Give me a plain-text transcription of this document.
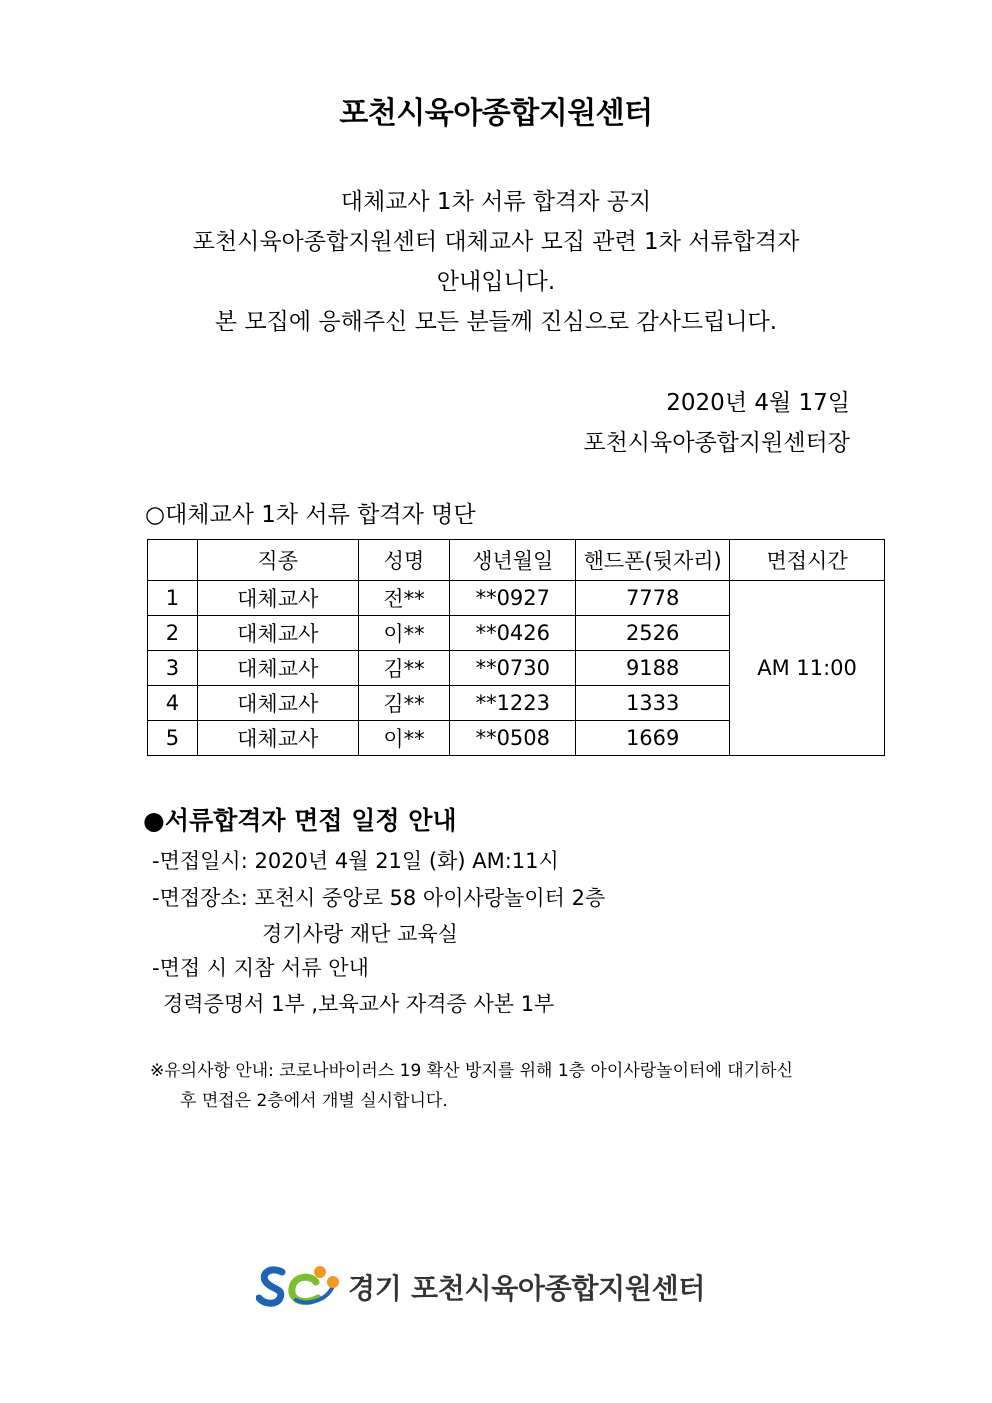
포천시육아종합지원센터
대체교사 1차 서류 합격자 공지
포천시육아종합지원센터 대체교사 모집 관련 1차 서류합격자
안내입니다.
본 모집에 응해주신 모든 분들께 진심으로 감사드립니다.
2020년 4월 17일
포천시육아종합지원센터장
○대체교사 1차 서류 합격자 명단
	직종	성명	생년월일	핸드폰(뒷자리)	면접시간
1	대체교사	전**	**0927	7778	AM 11:00
2	대체교사	이**	**0426	2526	
3	대체교사	김**	**0730	9188	
4	대체교사	김**	**1223	1333	
5	대체교사	이**	**0508	1669	
●서류합격자 면접 일정 안내
-면접일시: 2020년 4월 21일 (화) AM:11시
-면접장소: 포천시 중앙로 58 아이사랑놀이터 2층
경기사랑 재단 교육실
-면접 시 지참 서류 안내
경력증명서 1부 ,보육교사 자격증 사본 1부
※유의사항 안내: 코로나바이러스 19 확산 방지를 위해 1층 아이사랑놀이터에 대기하신
후 면접은 2층에서 개별 실시합니다.
경기 포천시육아종합지원센터
